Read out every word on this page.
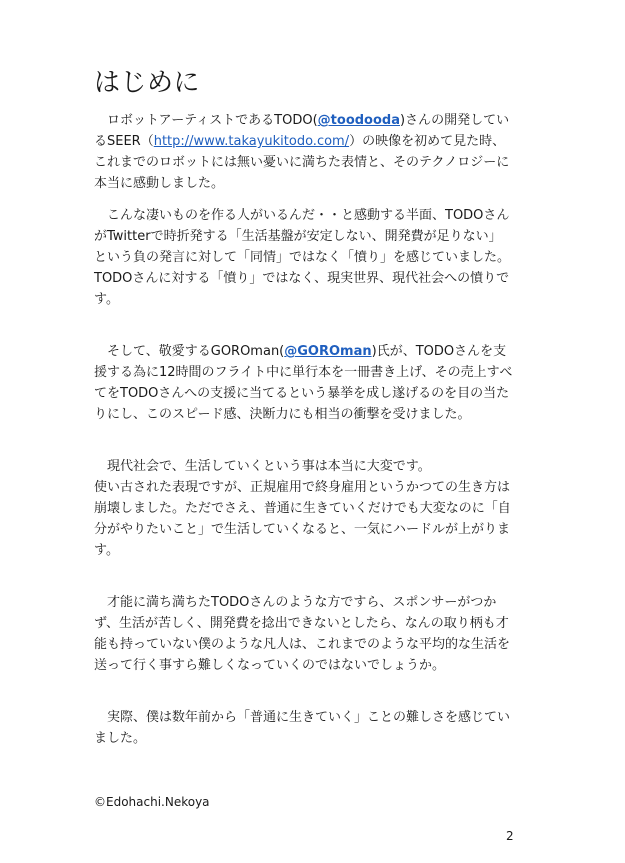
はじめに

ロボットアーティストであるTODO(@toodooda)さんの開発しているSEER（http://www.takayukitodo.com/）の映像を初めて見た時、これまでのロボットには無い憂いに満ちた表情と、そのテクノロジーに本当に感動しました。

こんな凄いものを作る人がいるんだ・・と感動する半面、TODOさんがTwitterで時折発する「生活基盤が安定しない、開発費が足りない」という負の発言に対して「同情」ではなく「憤り」を感じていました。TODOさんに対する「憤り」ではなく、現実世界、現代社会への憤りです。

そして、敬愛するGOROman(@GOROman)氏が、TODOさんを支援する為に12時間のフライト中に単行本を一冊書き上げ、その売上すべてをTODOさんへの支援に当てるという暴挙を成し遂げるのを目の当たりにし、このスピード感、決断力にも相当の衝撃を受けました。

現代社会で、生活していくという事は本当に大変です。
使い古された表現ですが、正規雇用で終身雇用というかつての生き方は崩壊しました。ただでさえ、普通に生きていくだけでも大変なのに「自分がやりたいこと」で生活していくなると、一気にハードルが上がります。

才能に満ち満ちたTODOさんのような方ですら、スポンサーがつかず、生活が苦しく、開発費を捻出できないとしたら、なんの取り柄も才能も持っていない僕のような凡人は、これまでのような平均的な生活を送って行く事すら難しくなっていくのではないでしょうか。

実際、僕は数年前から「普通に生きていく」ことの難しさを感じていました。

©Edohachi.Nekoya
2
